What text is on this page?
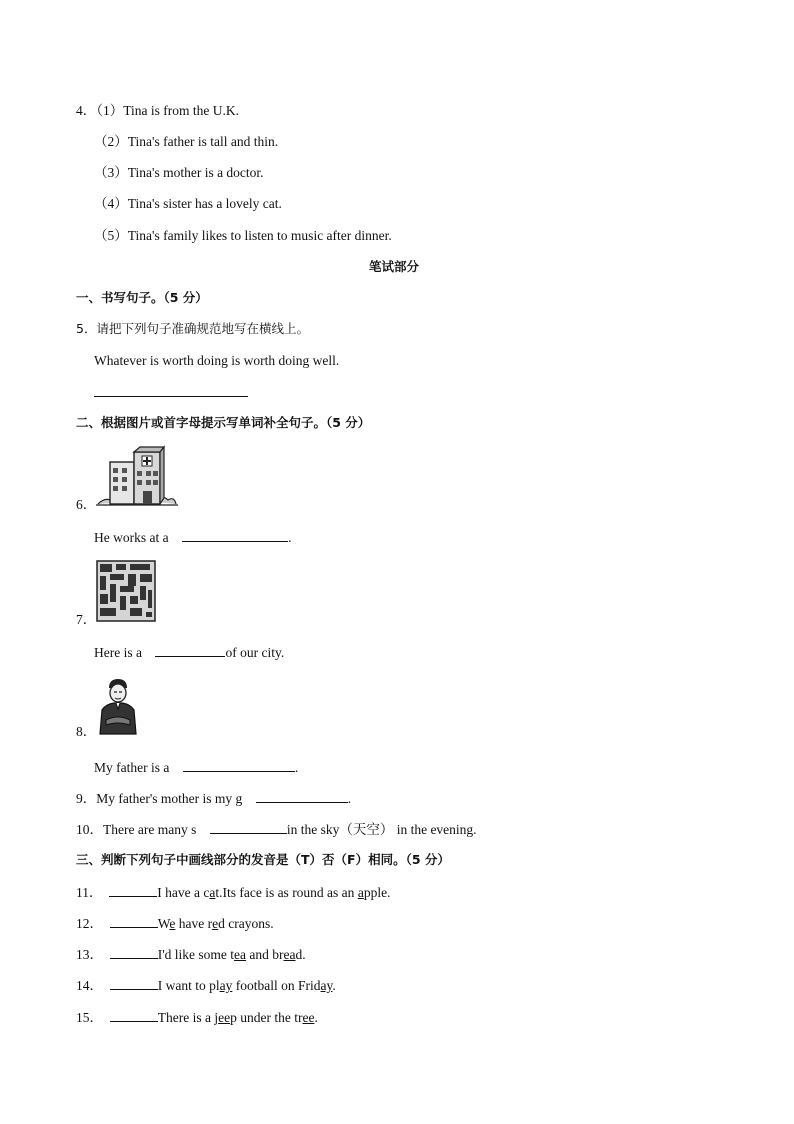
4．（1）Tina is from the U.K.
（2）Tina's father is tall and thin.
（3）Tina's mother is a doctor.
（4）Tina's sister has a lovely cat.
（5）Tina's family likes to listen to music after dinner.
笔试部分
一、书写句子。（5 分）
5．请把下列句子准确规范地写在横线上。
Whatever is worth doing is worth doing well.
二、根据图片或首字母提示写单词补全句子。（5 分）
6．
He works at a	.
7．
Here is a	of our city.
8．
My father is a	.
9．My father's mother is my g	.
10．There are many s	in the sky（天空） in the evening.
三、判断下列句子中画线部分的发音是（T）否（F）相同。（5 分）
11．	I have a cat.Its face is as round as an apple.
12．	We have red crayons.
13．	I'd like some tea and bread.
14．	I want to play football on Friday.
15．	There is a jeep under the tree.
